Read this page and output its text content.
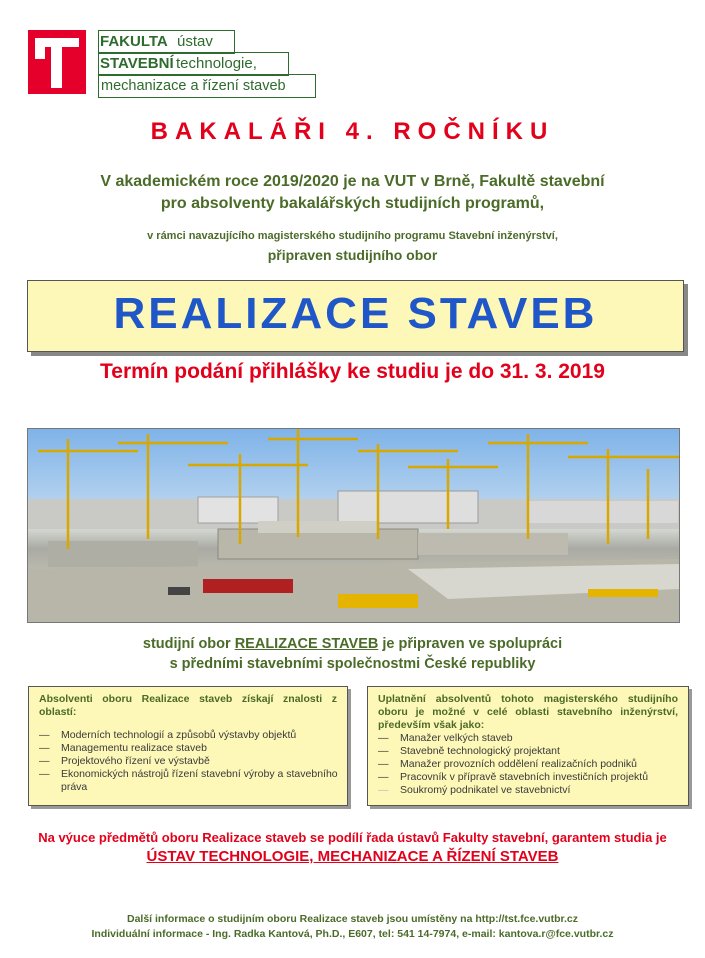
FAKULTA
STAVEBNÍ
ústav
technologie,
mechanizace a řízení staveb
BAKALÁŘI 4. ROČNÍKU
V akademickém roce 2019/2020 je na VUT v Brně, Fakultě stavební
pro absolventy bakalářských studijních programů,
v rámci navazujícího magisterského studijního programu Stavební inženýrství,
připraven studijního obor
REALIZACE STAVEB
Termín podání přihlášky ke studiu je do 31. 3. 2019
studijní obor REALIZACE STAVEB je připraven ve spolupráci
s předními stavebními společnostmi České republiky
Absolventi oboru Realizace staveb získají znalosti z oblastí:
— Moderních technologií a způsobů výstavby objektů
— Managementu realizace staveb
— Projektového řízení ve výstavbě
— Ekonomických nástrojů řízení stavební výroby a stavebního práva
Uplatnění absolventů tohoto magisterského studijního oboru je možné v celé oblasti stavebního inženýrství, především však jako:
— Manažer velkých staveb
— Stavebně technologický projektant
— Manažer provozních oddělení realizačních podniků
— Pracovník v přípravě stavebních investičních projektů
— Soukromý podnikatel ve stavebnictví
Na výuce předmětů oboru Realizace staveb se podílí řada ústavů Fakulty stavební, garantem studia je
ÚSTAV TECHNOLOGIE, MECHANIZACE A ŘÍZENÍ STAVEB
Další informace o studijním oboru Realizace staveb jsou umístěny na http://tst.fce.vutbr.cz
Individuální informace - Ing. Radka Kantová, Ph.D., E607, tel: 541 14-7974, e-mail: kantova.r@fce.vutbr.cz
